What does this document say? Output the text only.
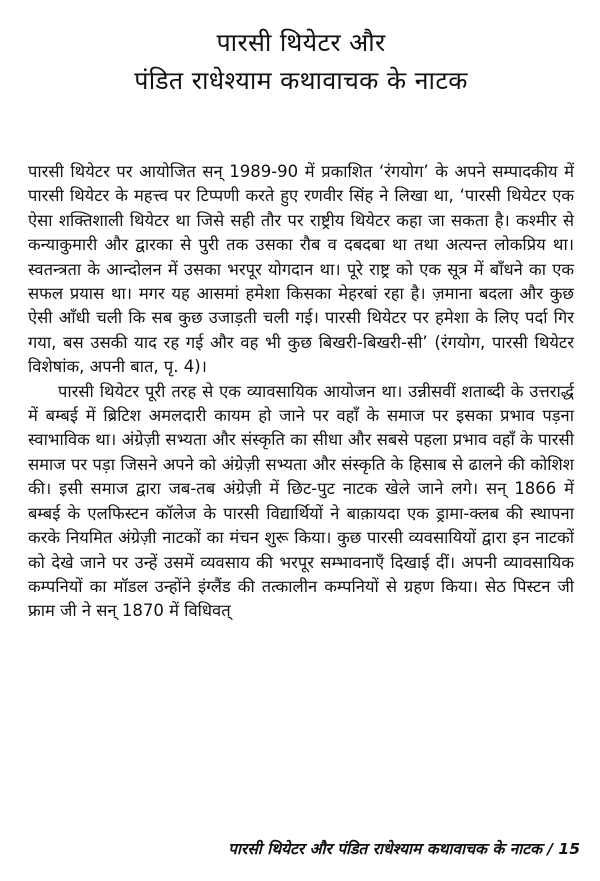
पारसी थियेटर और
पंडित राधेश्याम कथावाचक के नाटक

पारसी थियेटर पर आयोजित सन् 1989-90 में प्रकाशित ‘रंगयोग’ के अपने सम्पादकीय में पारसी थियेटर के महत्त्व पर टिप्पणी करते हुए रणवीर सिंह ने लिखा था, ‘पारसी थियेटर एक ऐसा शक्तिशाली थियेटर था जिसे सही तौर पर राष्ट्रीय थियेटर कहा जा सकता है। कश्मीर से कन्याकुमारी और द्वारका से पुरी तक उसका रौब व दबदबा था तथा अत्यन्त लोकप्रिय था। स्वतन्त्रता के आन्दोलन में उसका भरपूर योगदान था। पूरे राष्ट्र को एक सूत्र में बाँधने का एक सफल प्रयास था। मगर यह आसमां हमेशा किसका मेहरबां रहा है। ज़माना बदला और कुछ ऐसी आँधी चली कि सब कुछ उजाड़ती चली गई। पारसी थियेटर पर हमेशा के लिए पर्दा गिर गया, बस उसकी याद रह गई और वह भी कुछ बिखरी-बिखरी-सी’ (रंगयोग, पारसी थियेटर विशेषांक, अपनी बात, पृ. 4)।

पारसी थियेटर पूरी तरह से एक व्यावसायिक आयोजन था। उन्नीसवीं शताब्दी के उत्तरार्द्ध में बम्बई में ब्रिटिश अमलदारी कायम हो जाने पर वहाँ के समाज पर इसका प्रभाव पड़ना स्वाभाविक था। अंग्रेज़ी सभ्यता और संस्कृति का सीधा और सबसे पहला प्रभाव वहाँ के पारसी समाज पर पड़ा जिसने अपने को अंग्रेज़ी सभ्यता और संस्कृति के हिसाब से ढालने की कोशिश की। इसी समाज द्वारा जब-तब अंग्रेज़ी में छिट-पुट नाटक खेले जाने लगे। सन् 1866 में बम्बई के एलफिस्टन कॉलेज के पारसी विद्यार्थियों ने बाक़ायदा एक ड्रामा-क्लब की स्थापना करके नियमित अंग्रेज़ी नाटकों का मंचन शुरू किया। कुछ पारसी व्यवसायियों द्वारा इन नाटकों को देखे जाने पर उन्हें उसमें व्यवसाय की भरपूर सम्भावनाएँ दिखाई दीं। अपनी व्यावसायिक कम्पनियों का मॉडल उन्होंने इंग्लैंड की तत्कालीन कम्पनियों से ग्रहण किया। सेठ पिस्टन जी फ्राम जी ने सन् 1870 में विधिवत्

पारसी थियेटर और पंडित राधेश्याम कथावाचक के नाटक / 15
